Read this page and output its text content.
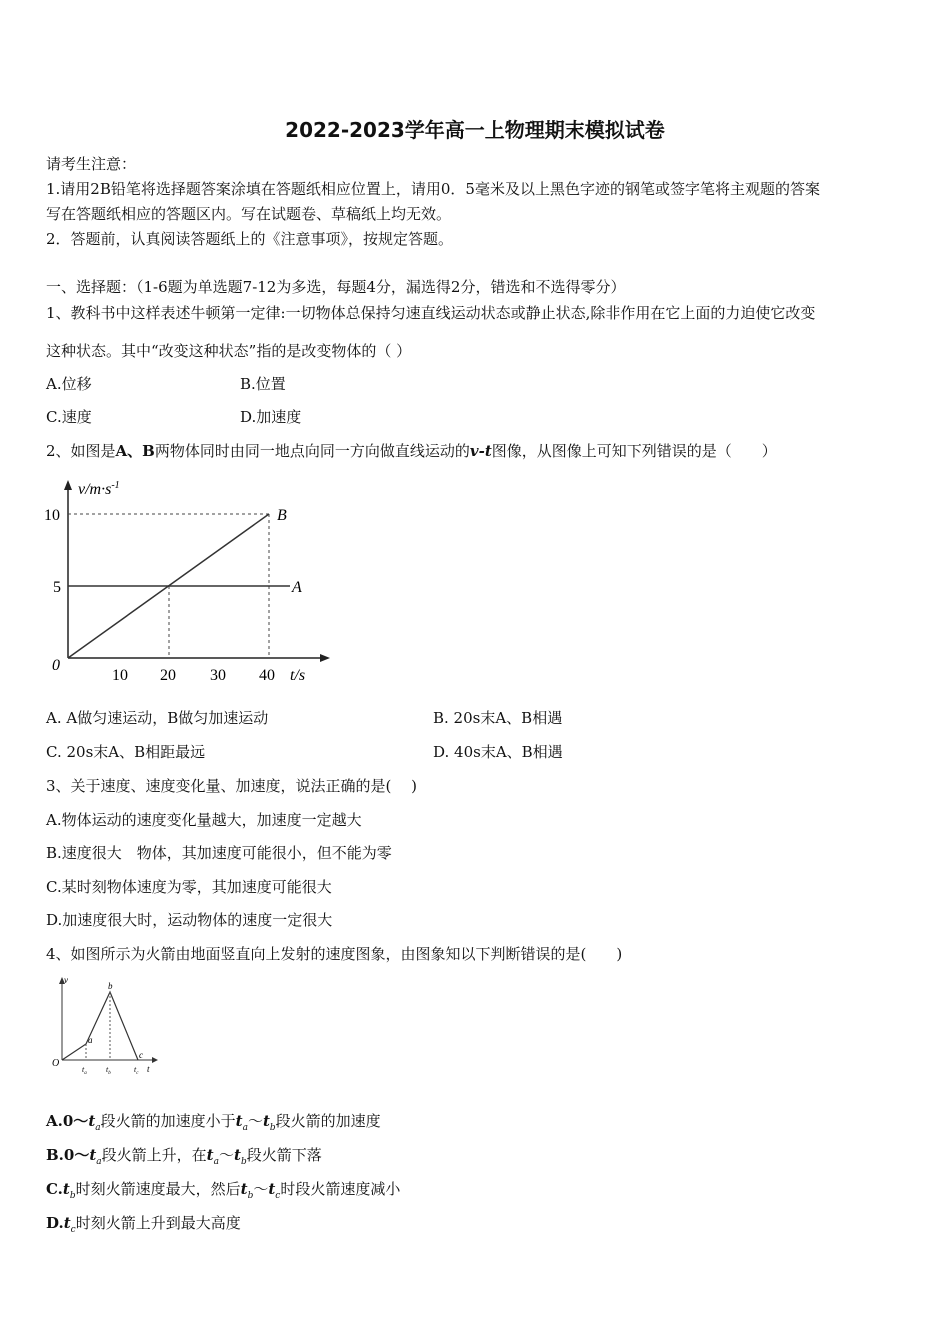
2022-2023学年高一上物理期末模拟试卷
请考生注意：
1.请用2B铅笔将选择题答案涂填在答题纸相应位置上，请用0．5毫米及以上黑色字迹的钢笔或签字笔将主观题的答案
写在答题纸相应的答题区内。写在试题卷、草稿纸上均无效。
2．答题前，认真阅读答题纸上的《注意事项》，按规定答题。
一、选择题：（1-6题为单选题7-12为多选，每题4分，漏选得2分，错选和不选得零分）
1、教科书中这样表述牛顿第一定律:一切物体总保持匀速直线运动状态或静止状态,除非作用在它上面的力迫使它改变
这种状态。其中“改变这种状态”指的是改变物体的（ ）
A.位移	B.位置
C.速度	D.加速度
2、如图是A、B两物体同时由同一地点向同一方向做直线运动的v-t图像，从图像上可知下列错误的是（　　）
$v/m\cdot s^{-1}$
t/s
0
10 20 30 40
10
5	A
B
A. A做匀速运动，B做匀加速运动	B. 20s末A、B相遇
C. 20s末A、B相距最远	D. 40s末A、B相遇
3、关于速度、速度变化量、加速度，说法正确的是(　 )
A.物体运动的速度变化量越大，加速度一定越大
B.速度很大　物体，其加速度可能很小，但不能为零
C.某时刻物体速度为零，其加速度可能很大
D.加速度很大时，运动物体的速度一定很大
4、如图所示为火箭由地面竖直向上发射的速度图象，由图象知以下判断错误的是(　　)
v
t
O
a
b
c
$t_a$ $t_b$	$t_c$
$A.0\sim t_a$段火箭的加速度小于$t_a\sim t_b$段火箭的加速度
$B.0\sim t_a$段火箭上升，在$t_a\sim t_b$段火箭下落
$C.t_b$时刻火箭速度最大，然后$t_b\sim t_c$时段火箭速度减小
$D.t_c$时刻火箭上升到最大高度
